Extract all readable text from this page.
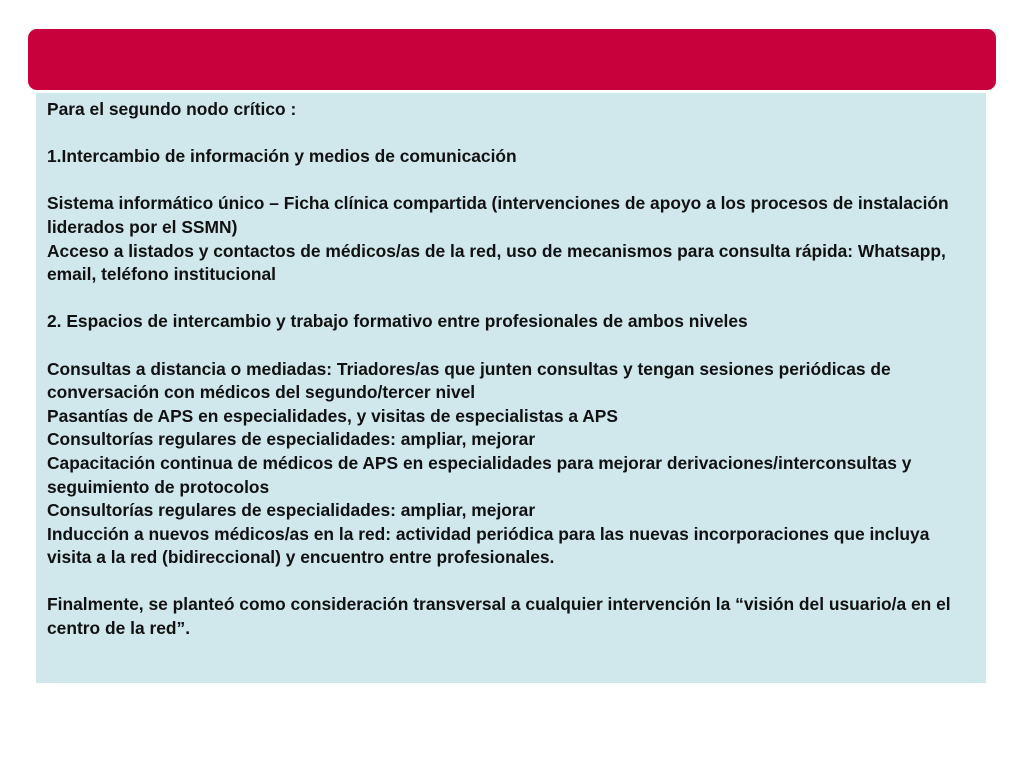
Para el segundo nodo crítico :

1.Intercambio de información y medios de comunicación

Sistema informático único – Ficha clínica compartida (intervenciones de apoyo a los procesos de instalación liderados por el SSMN)

Acceso a listados y contactos de médicos/as de la red, uso de mecanismos para consulta rápida: Whatsapp, email, teléfono institucional

2. Espacios de intercambio y trabajo formativo entre profesionales de ambos niveles

Consultas a distancia o mediadas: Triadores/as que junten consultas y tengan sesiones periódicas de conversación con médicos del segundo/tercer nivel

Pasantías de APS en especialidades, y visitas de especialistas a APS

Consultorías regulares de especialidades: ampliar, mejorar

Capacitación continua de médicos de APS en especialidades para mejorar derivaciones/interconsultas y seguimiento de protocolos

Consultorías regulares de especialidades: ampliar, mejorar

Inducción a nuevos médicos/as en la red: actividad periódica para las nuevas incorporaciones que incluya visita a la red (bidireccional) y encuentro entre profesionales.

Finalmente, se planteó como consideración transversal a cualquier intervención la “visión del usuario/a en el centro de la red”.
